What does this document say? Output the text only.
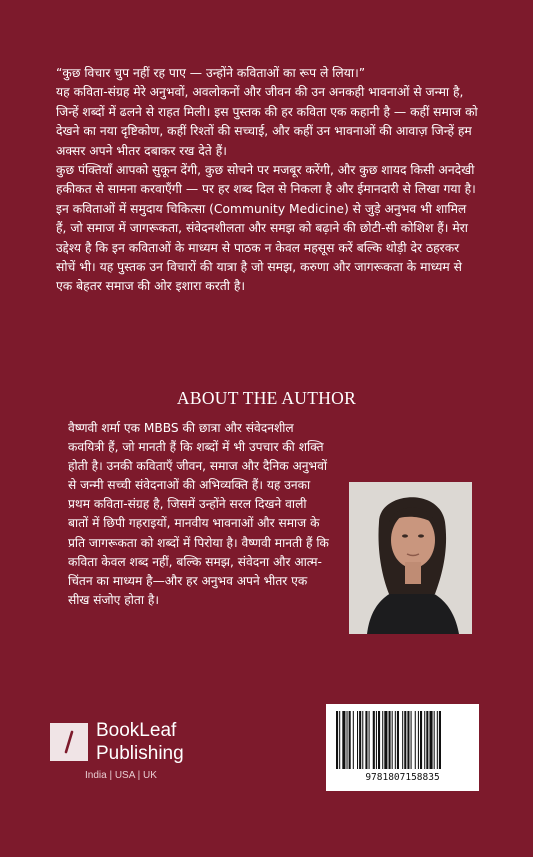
“कुछ विचार चुप नहीं रह पाए — उन्होंने कविताओं का रूप ले लिया।”

यह कविता-संग्रह मेरे अनुभवों, अवलोकनों और जीवन की उन अनकही भावनाओं से जन्मा है, जिन्हें शब्दों में ढलने से राहत मिली। इस पुस्तक की हर कविता एक कहानी है — कहीं समाज को देखने का नया दृष्टिकोण, कहीं रिश्तों की सच्चाई, और कहीं उन भावनाओं की आवाज़ जिन्हें हम अक्सर अपने भीतर दबाकर रख देते हैं।

कुछ पंक्तियाँ आपको सुकून देंगी, कुछ सोचने पर मजबूर करेंगी, और कुछ शायद किसी अनदेखी हकीकत से सामना करवाएँगी — पर हर शब्द दिल से निकला है और ईमानदारी से लिखा गया है। इन कविताओं में समुदाय चिकित्सा (Community Medicine) से जुड़े अनुभव भी शामिल हैं, जो समाज में जागरूकता, संवेदनशीलता और समझ को बढ़ाने की छोटी-सी कोशिश हैं। मेरा उद्देश्य है कि इन कविताओं के माध्यम से पाठक न केवल महसूस करें बल्कि थोड़ी देर ठहरकर सोचें भी। यह पुस्तक उन विचारों की यात्रा है जो समझ, करुणा और जागरूकता के माध्यम से एक बेहतर समाज की ओर इशारा करती है।

ABOUT THE AUTHOR

वैष्णवी शर्मा एक MBBS की छात्रा और संवेदनशील कवयित्री हैं, जो मानती हैं कि शब्दों में भी उपचार की शक्ति होती है। उनकी कविताएँ जीवन, समाज और दैनिक अनुभवों से जन्मी सच्ची संवेदनाओं की अभिव्यक्ति हैं। यह उनका प्रथम कविता-संग्रह है, जिसमें उन्होंने सरल दिखने वाली बातों में छिपी गहराइयों, मानवीय भावनाओं और समाज के प्रति जागरूकता को शब्दों में पिरोया है। वैष्णवी मानती हैं कि कविता केवल शब्द नहीं, बल्कि समझ, संवेदना और आत्म-चिंतन का माध्यम है—और हर अनुभव अपने भीतर एक सीख संजोए होता है।

9781807158835
BookLeaf
Publishing
India | USA | UK
